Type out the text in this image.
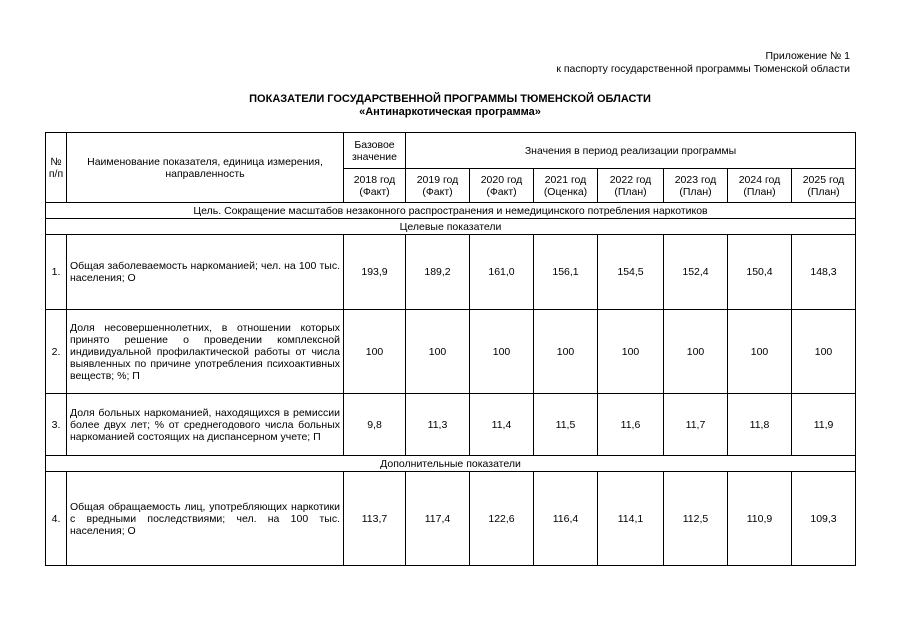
Приложение № 1
к паспорту государственной программы Тюменской области
ПОКАЗАТЕЛИ ГОСУДАРСТВЕННОЙ ПРОГРАММЫ ТЮМЕНСКОЙ ОБЛАСТИ
«Антинаркотическая программа»
№ п/п	Наименование показателя, единица измерения, направленность	Базовое значение	Значения в период реализации программы						
		2018 год (Факт)	2019 год (Факт)	2020 год (Факт)	2021 год (Оценка)	2022 год (План)	2023 год (План)	2024 год (План)	2025 год (План)
Цель. Сокращение масштабов незаконного распространения и немедицинского потребления наркотиков									
Целевые показатели									
1.	Общая заболеваемость наркоманией; чел. на 100 тыс. населения; О	193,9	189,2	161,0	156,1	154,5	152,4	150,4	148,3
2.	Доля несовершеннолетних, в отношении которых принято решение о проведении комплексной индивидуальной профилактической работы от числа выявленных по причине употребления психоактивных веществ; %; П	100	100	100	100	100	100	100	100
3.	Доля больных наркоманией, находящихся в ремиссии более двух лет; % от среднегодового числа больных наркоманией состоящих на диспансерном учете; П	9,8	11,3	11,4	11,5	11,6	11,7	11,8	11,9
Дополнительные показатели									
4.	Общая обращаемость лиц, употребляющих наркотики с вредными последствиями; чел. на 100 тыс. населения; О	113,7	117,4	122,6	116,4	114,1	112,5	110,9	109,3
